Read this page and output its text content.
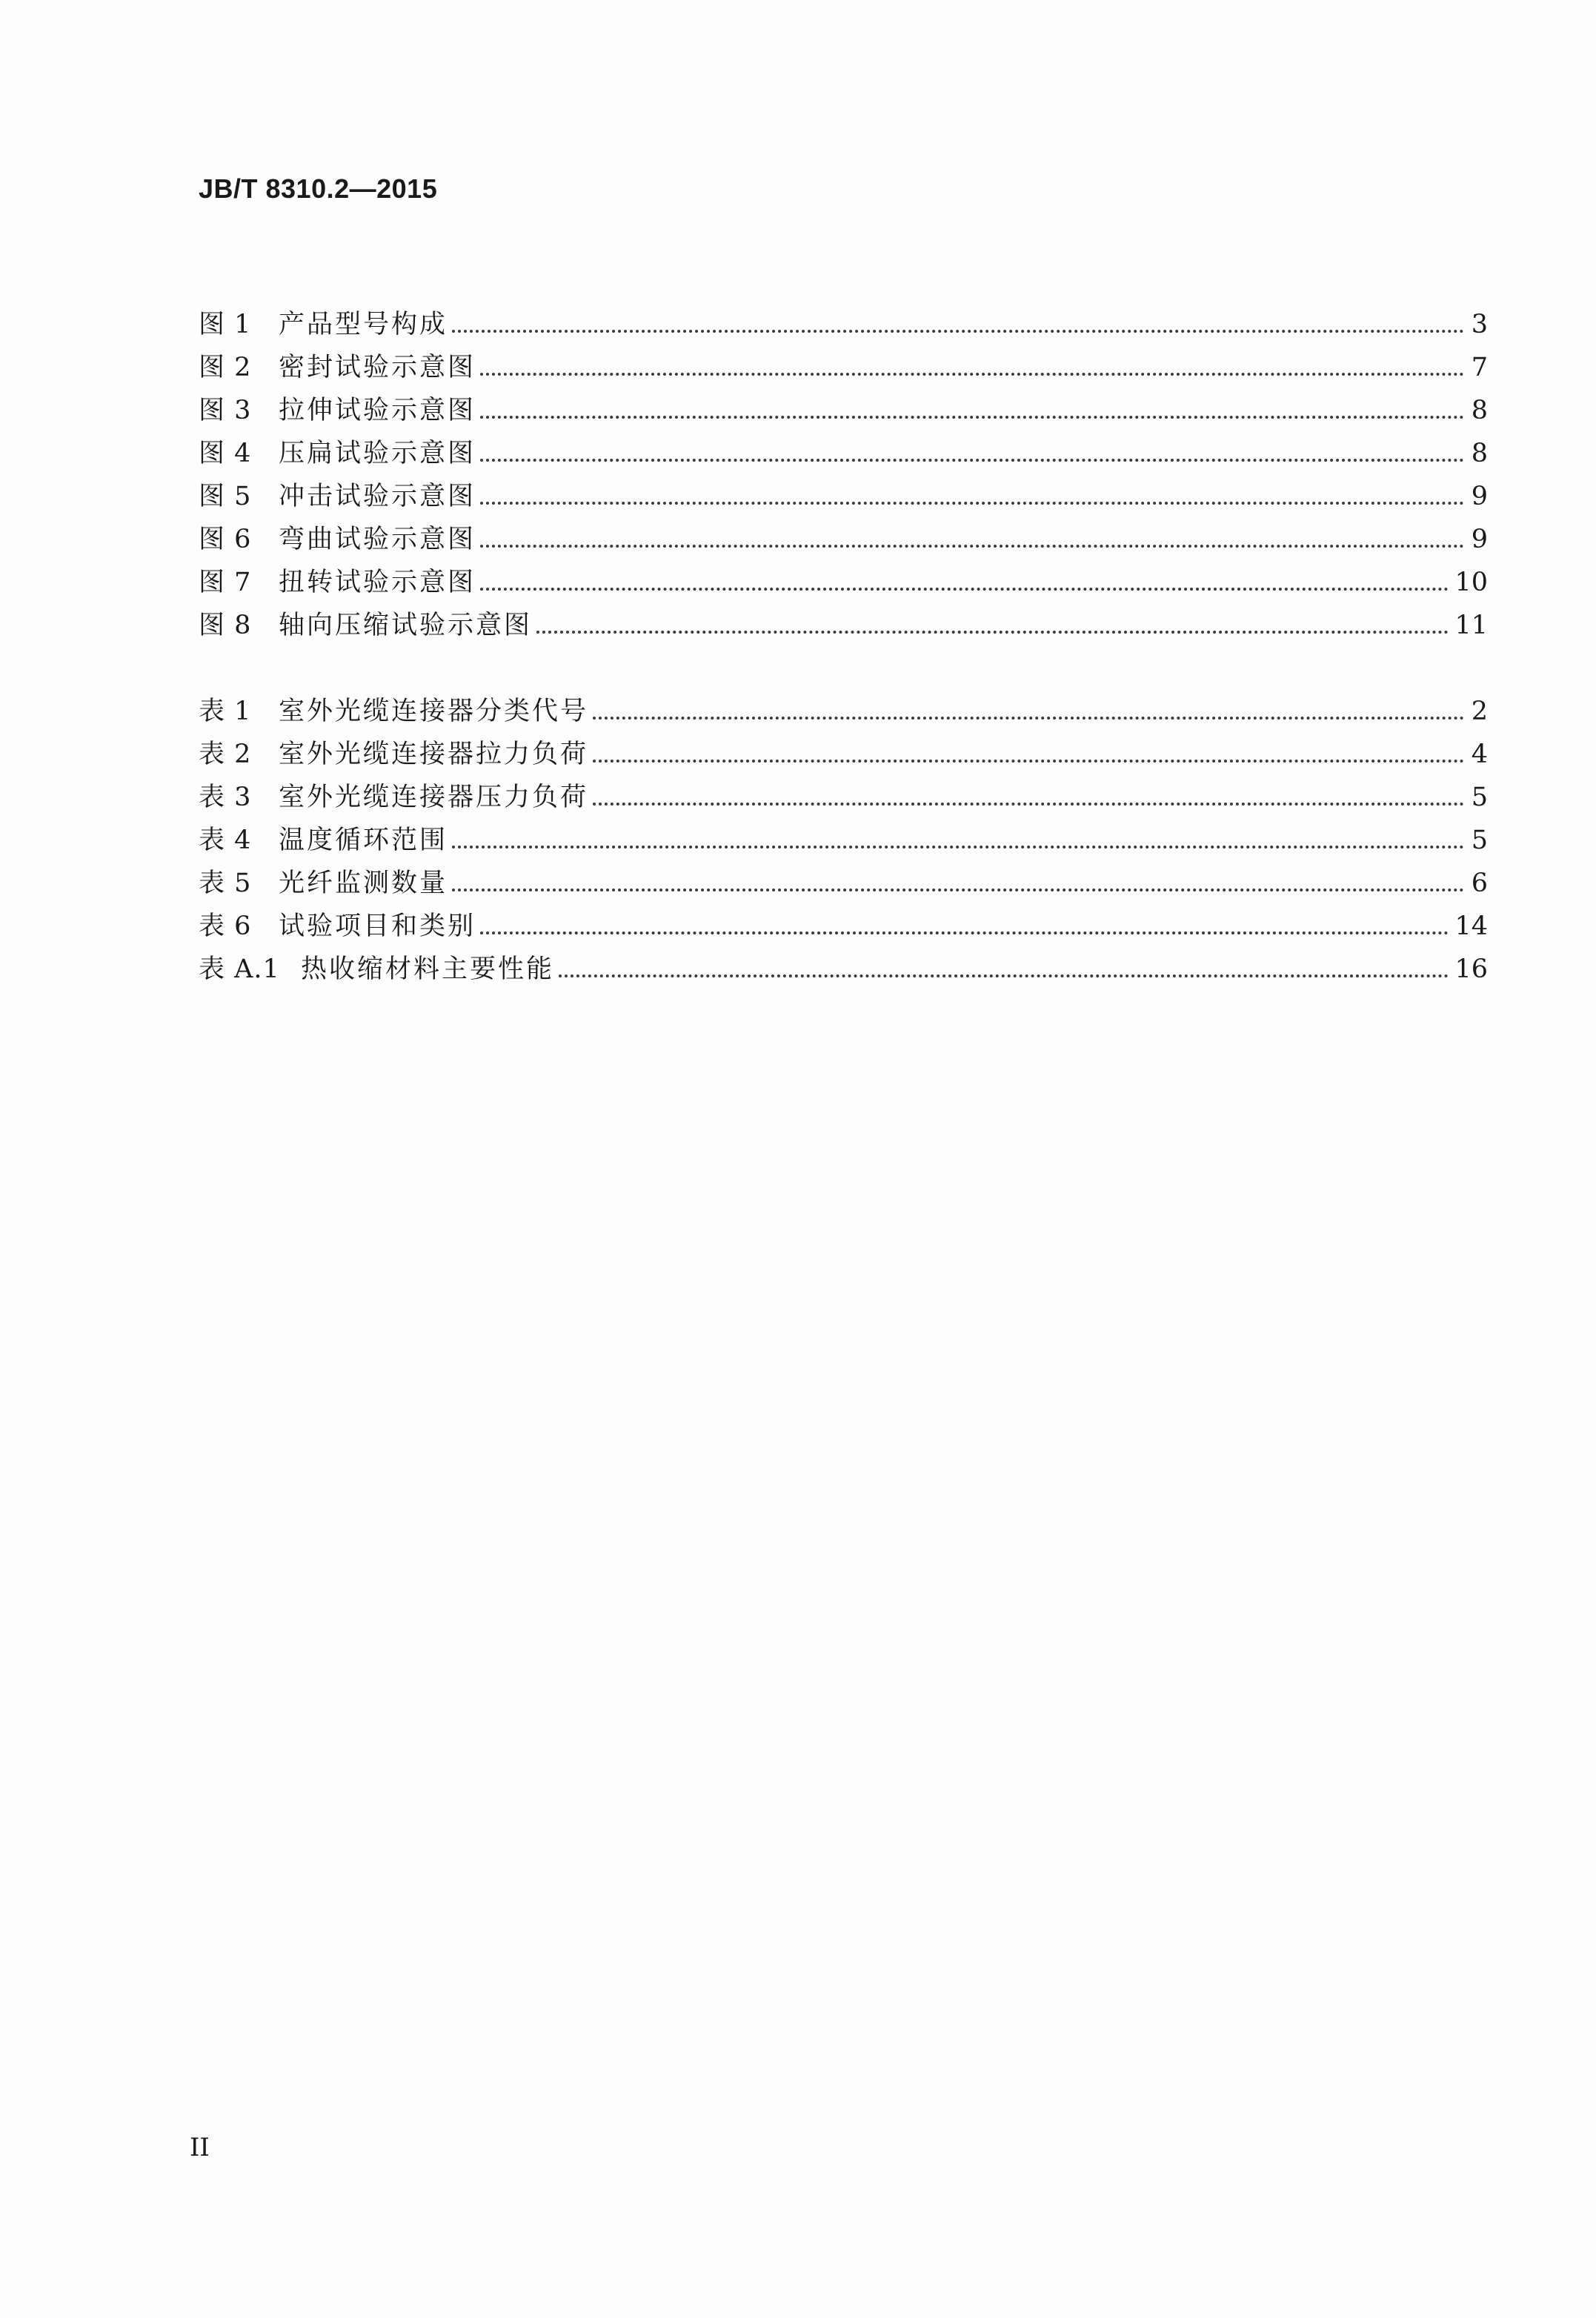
JB/T 8310.2—2015
图 1	产品型号构成	3
图 2	密封试验示意图	7
图 3	拉伸试验示意图	8
图 4	压扁试验示意图	8
图 5	冲击试验示意图	9
图 6	弯曲试验示意图	9
图 7	扭转试验示意图	10
图 8	轴向压缩试验示意图	11
表 1	室外光缆连接器分类代号	2
表 2	室外光缆连接器拉力负荷	4
表 3	室外光缆连接器压力负荷	5
表 4	温度循环范围	5
表 5	光纤监测数量	6
表 6	试验项目和类别	14
表 A.1 热收缩材料主要性能	16
II
